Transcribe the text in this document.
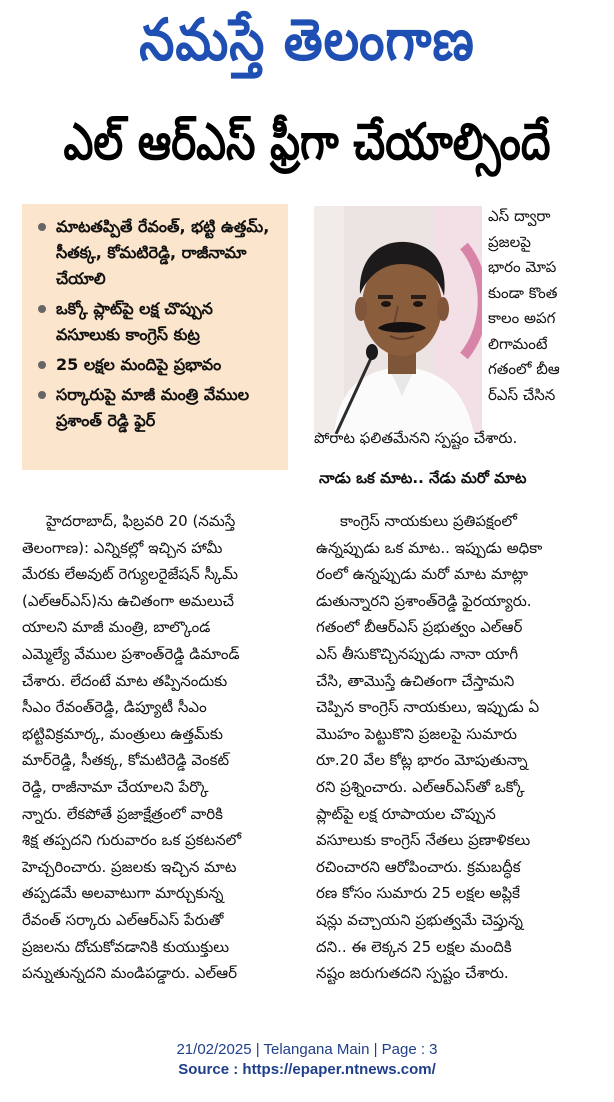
నమస్తే తెలంగాణ
ఎల్ ఆర్ఎస్ ఫ్రీగా చేయాల్సిందే
మాటతప్పితే రేవంత్, భట్టి ఉత్తమ్, సీతక్క, కోమటిరెడ్డి, రాజీనామా చేయాలి
ఒక్కో ప్లాట్‌పై లక్ష చొప్పున వసూలుకు కాంగ్రెస్ కుట్ర
25 లక్షల మందిపై ప్రభావం
సర్కారుపై మాజీ మంత్రి వేముల ప్రశాంత్ రెడ్డి ఫైర్
ఎస్ ద్వారా
ప్రజలపై
భారం మోప
కుండా కొంత
కాలం అపగ
లిగామంటే
గతంలో బీఆ
ర్ఎస్ చేసిన
పోరాట ఫలితమేనని స్పష్టం చేశారు.
నాడు ఒక మాట.. నేడు మరో మాట
హైదరాబాద్, ఫిబ్రవరి 20 (నమస్తే
తెలంగాణ): ఎన్నికల్లో ఇచ్చిన హామీ
మేరకు లేఅవుట్ రెగ్యులరైజేషన్ స్కీమ్
(ఎల్ఆర్ఎస్)ను ఉచితంగా అమలుచే
యాలని మాజీ మంత్రి, బాల్కొండ
ఎమ్మెల్యే వేముల ప్రశాంత్‌రెడ్డి డిమాండ్
చేశారు. లేదంటే మాట తప్పినందుకు
సీఎం రేవంత్‌రెడ్డి, డిప్యూటీ సీఎం
భట్టివిక్రమార్క, మంత్రులు ఉత్తమ్‌కు
మార్‌రెడ్డి, సీతక్క, కోమటిరెడ్డి వెంకట్
రెడ్డి, రాజీనామా చేయాలని పేర్కొ
న్నారు. లేకపోతే ప్రజాక్షేత్రంలో వారికి
శిక్ష తప్పదని గురువారం ఒక ప్రకటనలో
హెచ్చరించారు. ప్రజలకు ఇచ్చిన మాట
తప్పడమే అలవాటుగా మార్చుకున్న
రేవంత్ సర్కారు ఎల్ఆర్ఎస్ పేరుతో
ప్రజలను దోచుకోవడానికి కుయుక్తులు
పన్నుతున్నదని మండిపడ్డారు. ఎల్ఆర్
కాంగ్రెస్ నాయకులు ప్రతిపక్షంలో
ఉన్నప్పుడు ఒక మాట.. ఇప్పుడు అధికా
రంలో ఉన్నప్పుడు మరో మాట మాట్లా
డుతున్నారని ప్రశాంత్‌రెడ్డి ఫైరయ్యారు.
గతంలో బీఆర్ఎస్ ప్రభుత్వం ఎల్ఆర్
ఎస్ తీసుకొచ్చినప్పుడు నానా యాగీ
చేసి, తామొస్తే ఉచితంగా చేస్తామని
చెప్పిన కాంగ్రెస్ నాయకులు, ఇప్పుడు ఏ
మొహం పెట్టుకొని ప్రజలపై సుమారు
రూ.20 వేల కోట్ల భారం మోపుతున్నా
రని ప్రశ్నించారు. ఎల్ఆర్ఎస్‌తో ఒక్కో
ప్లాట్‌పై లక్ష రూపాయల చొప్పున
వసూలుకు కాంగ్రెస్ నేతలు ప్రణాళికలు
రచించారని ఆరోపించారు. క్రమబద్ధీక
రణ కోసం సుమారు 25 లక్షల అప్లికే
షన్లు వచ్చాయని ప్రభుత్వమే చెప్తున్న
దని.. ఈ లెక్కన 25 లక్షల మందికి
నష్టం జరుగుతదని స్పష్టం చేశారు.
21/02/2025 | Telangana Main | Page : 3
Source : https://epaper.ntnews.com/
